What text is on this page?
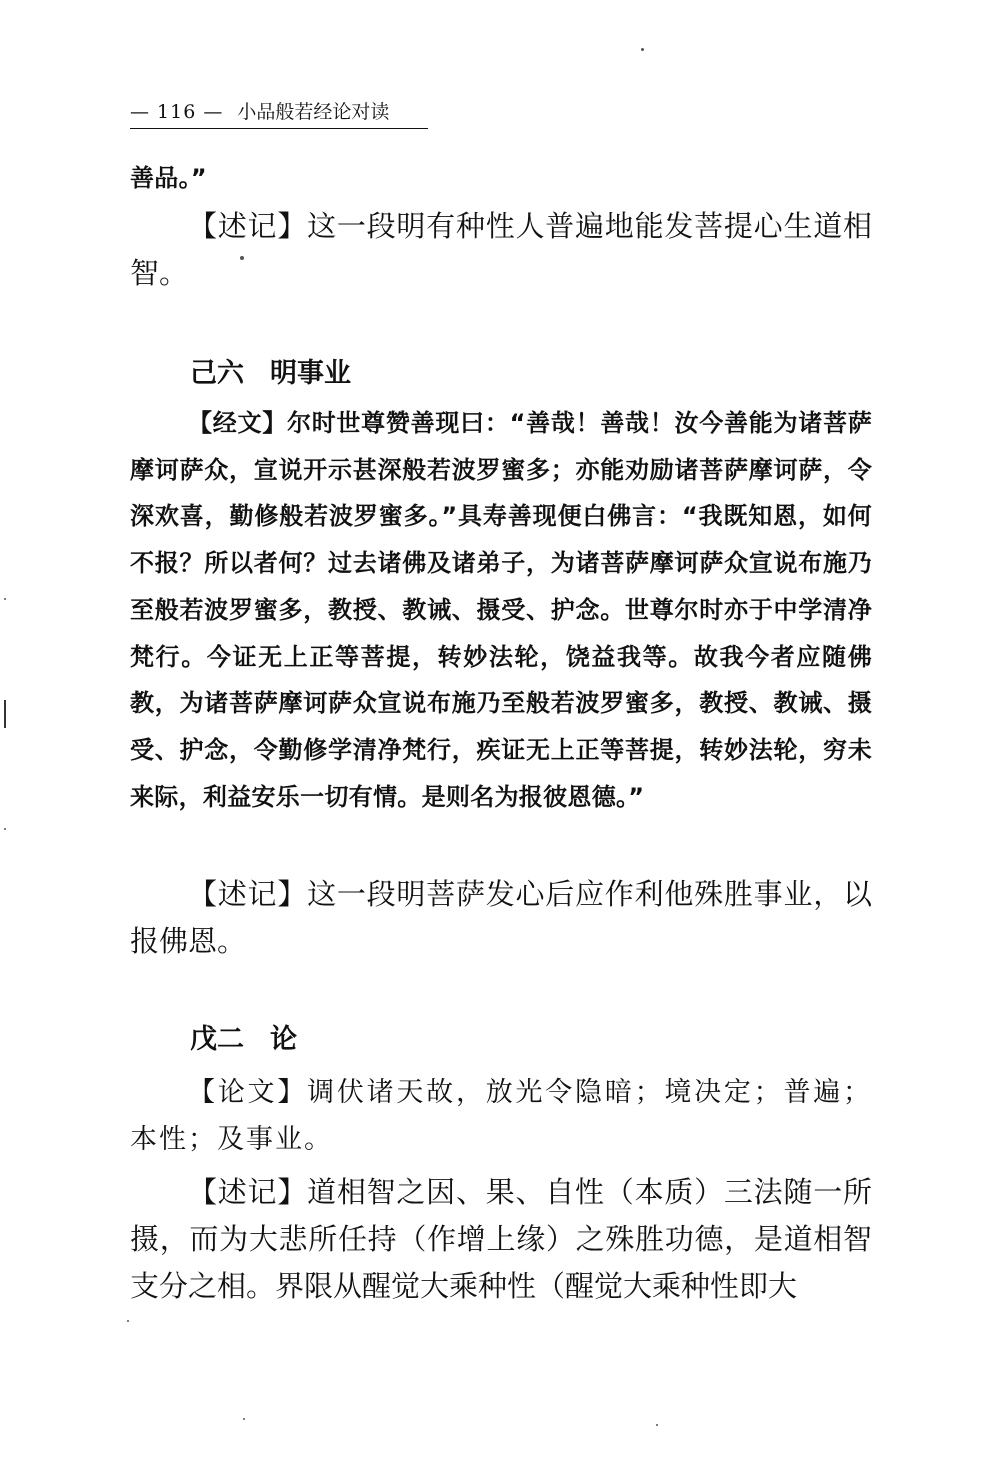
— 116 — 小品般若经论对读

善品。”

【述记】这一段明有种性人普遍地能发菩提心生道相智。

己六 明事业

【经文】尔时世尊赞善现曰：“善哉！善哉！汝今善能为诸菩萨摩诃萨众，宣说开示甚深般若波罗蜜多；亦能劝励诸菩萨摩诃萨，令深欢喜，勤修般若波罗蜜多。”具寿善现便白佛言：“我既知恩，如何不报？所以者何？过去诸佛及诸弟子，为诸菩萨摩诃萨众宣说布施乃至般若波罗蜜多，教授、教诫、摄受、护念。世尊尔时亦于中学清净梵行。今证无上正等菩提，转妙法轮，饶益我等。故我今者应随佛教，为诸菩萨摩诃萨众宣说布施乃至般若波罗蜜多，教授、教诫、摄受、护念，令勤修学清净梵行，疾证无上正等菩提，转妙法轮，穷未来际，利益安乐一切有情。是则名为报彼恩德。”

【述记】这一段明菩萨发心后应作利他殊胜事业，以报佛恩。

戊二 论

【论文】调伏诸天故，放光令隐暗；境决定；普遍；本性；及事业。

【述记】道相智之因、果、自性（本质）三法随一所摄，而为大悲所任持（作增上缘）之殊胜功德，是道相智支分之相。界限从醒觉大乘种性（醒觉大乘种性即大
